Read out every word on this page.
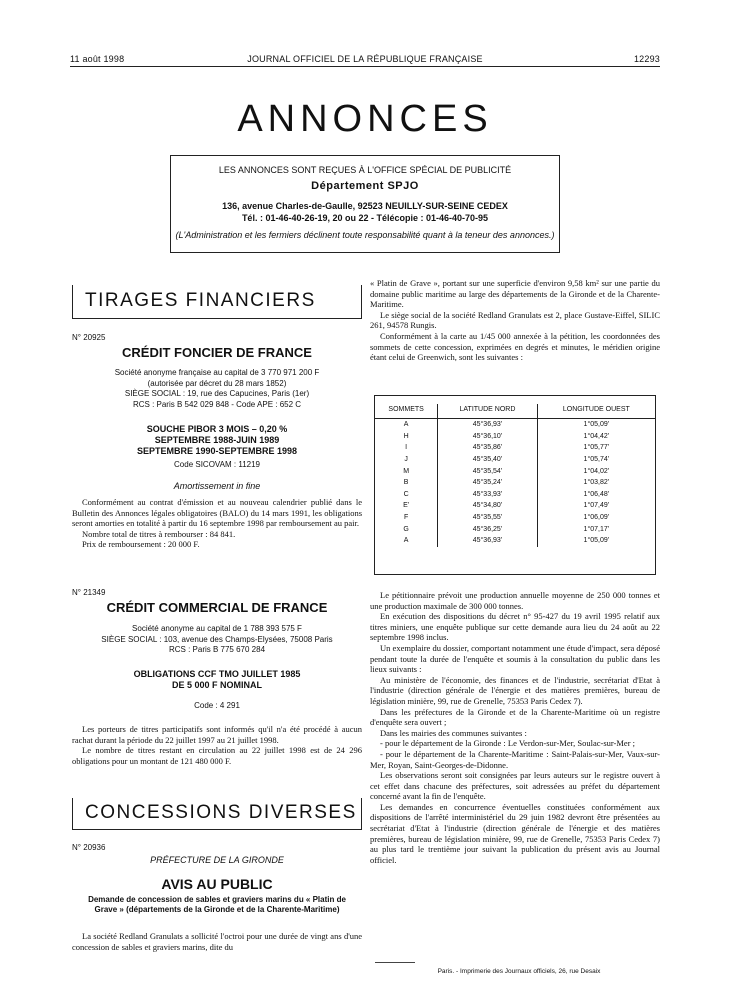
11 août 1998	JOURNAL OFFICIEL DE LA RÉPUBLIQUE FRANÇAISE	12293
ANNONCES
LES ANNONCES SONT REÇUES À L'OFFICE SPÉCIAL DE PUBLICITÉ
Département SPJO
136, avenue Charles-de-Gaulle, 92523 NEUILLY-SUR-SEINE CEDEX
Tél. : 01-46-40-26-19, 20 ou 22 - Télécopie : 01-46-40-70-95
(L'Administration et les fermiers déclinent toute responsabilité quant à la teneur des annonces.)
TIRAGES FINANCIERS
N° 20925
CRÉDIT FONCIER DE FRANCE
Société anonyme française au capital de 3 770 971 200 F
(autorisée par décret du 28 mars 1852)
SIÈGE SOCIAL : 19, rue des Capucines, Paris (1er)
RCS : Paris B 542 029 848 - Code APE : 652 C
SOUCHE PIBOR 3 MOIS – 0,20 %
SEPTEMBRE 1988-JUIN 1989
SEPTEMBRE 1990-SEPTEMBRE 1998
Code SICOVAM : 11219
Amortissement in fine

Conformément au contrat d'émission et au nouveau calendrier publié dans le Bulletin des Annonces légales obligatoires (BALO) du 14 mars 1991, les obligations seront amorties en totalité à partir du 16 septembre 1998 par remboursement au pair.

Nombre total de titres à rembourser : 84 841.

Prix de remboursement : 20 000 F.

N° 21349
CRÉDIT COMMERCIAL DE FRANCE
Société anonyme au capital de 1 788 393 575 F
SIÈGE SOCIAL : 103, avenue des Champs-Elysées, 75008 Paris
RCS : Paris B 775 670 284
OBLIGATIONS CCF TMO JUILLET 1985
DE 5 000 F NOMINAL
Code : 4 291

Les porteurs de titres participatifs sont informés qu'il n'a été procédé à aucun rachat durant la période du 22 juillet 1997 au 21 juillet 1998.

Le nombre de titres restant en circulation au 22 juillet 1998 est de 24 296 obligations pour un montant de 121 480 000 F.

CONCESSIONS DIVERSES
N° 20936
PRÉFECTURE DE LA GIRONDE
AVIS AU PUBLIC
Demande de concession de sables et graviers marins du « Platin de Grave » (départements de la Gironde et de la Charente-Maritime)

La société Redland Granulats a sollicité l'octroi pour une durée de vingt ans d'une concession de sables et graviers marins, dite du

« Platin de Grave », portant sur une superficie d'environ 9,58 km² sur une partie du domaine public maritime au large des départements de la Gironde et de la Charente-Maritime.

Le siège social de la société Redland Granulats est 2, place Gustave-Eiffel, SILIC 261, 94578 Rungis.

Conformément à la carte au 1/45 000 annexée à la pétition, les coordonnées des sommets de cette concession, exprimées en degrés et minutes, le méridien origine étant celui de Greenwich, sont les suivantes :

SOMMETS	LATITUDE NORD	LONGITUDE OUEST
A	45°36,93'	1°05,09'
H	45°36,10'	1°04,42'
I	45°35,86'	1°05,77'
J	45°35,40'	1°05,74'
M	45°35,54'	1°04,02'
B	45°35,24'	1°03,82'
C	45°33,93'	1°06,48'
E'	45°34,80'	1°07,49'
F	45°35,55'	1°06,09'
G	45°36,25'	1°07,17'
A	45°36,93'	1°05,09'

Le pétitionnaire prévoit une production annuelle moyenne de 250 000 tonnes et une production maximale de 300 000 tonnes.

En exécution des dispositions du décret n° 95-427 du 19 avril 1995 relatif aux titres miniers, une enquête publique sur cette demande aura lieu du 24 août au 22 septembre 1998 inclus.

Un exemplaire du dossier, comportant notamment une étude d'impact, sera déposé pendant toute la durée de l'enquête et soumis à la consultation du public dans les lieux suivants :

Au ministère de l'économie, des finances et de l'industrie, secrétariat d'Etat à l'industrie (direction générale de l'énergie et des matières premières, bureau de législation minière, 99, rue de Grenelle, 75353 Paris Cedex 7).

Dans les préfectures de la Gironde et de la Charente-Maritime où un registre d'enquête sera ouvert ;

Dans les mairies des communes suivantes :

- pour le département de la Gironde : Le Verdon-sur-Mer, Soulac-sur-Mer ;

- pour le département de la Charente-Maritime : Saint-Palais-sur-Mer, Vaux-sur-Mer, Royan, Saint-Georges-de-Didonne.

Les observations seront soit consignées par leurs auteurs sur le registre ouvert à cet effet dans chacune des préfectures, soit adressées au préfet du département concerné avant la fin de l'enquête.

Les demandes en concurrence éventuelles constituées conformément aux dispositions de l'arrêté interministériel du 29 juin 1982 devront être présentées au secrétariat d'Etat à l'industrie (direction générale de l'énergie et des matières premières, bureau de législation minière, 99, rue de Grenelle, 75353 Paris Cedex 7) au plus tard le trentième jour suivant la publication du présent avis au Journal officiel.

Paris. - Imprimerie des Journaux officiels, 26, rue Desaix
